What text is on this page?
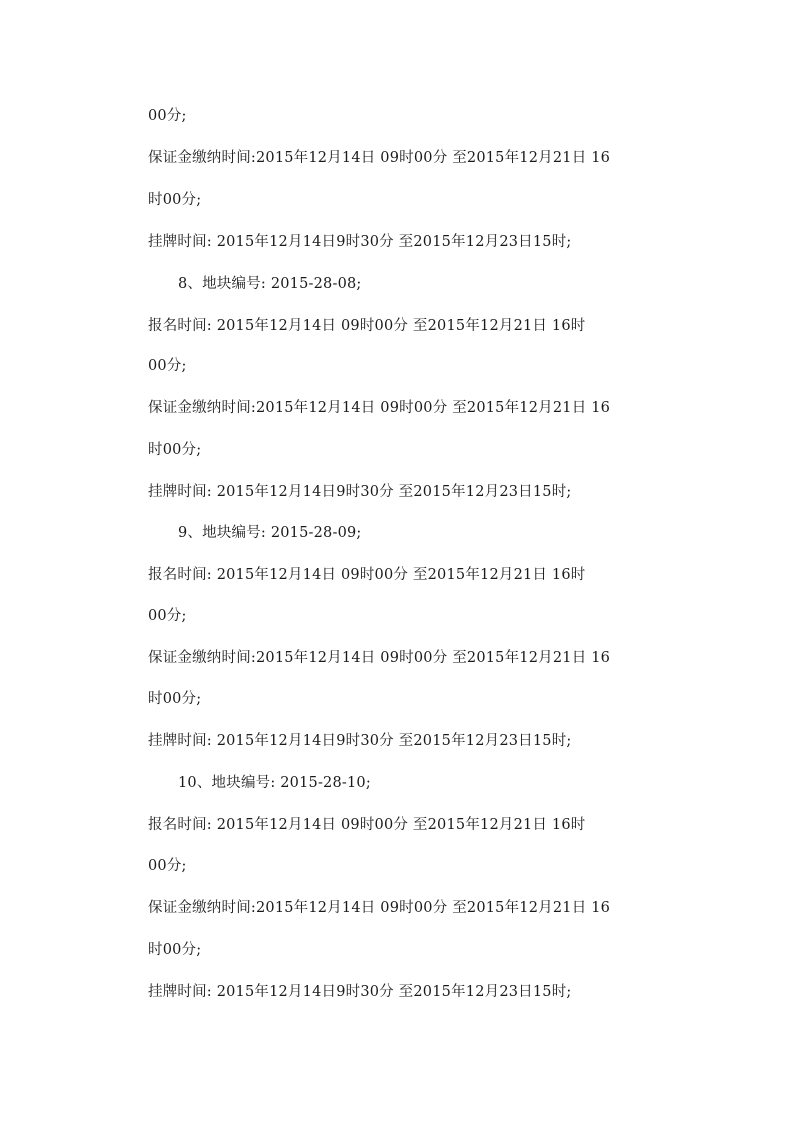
00分;
保证金缴纳时间:2015年12月14日 09时00分 至2015年12月21日 16
时00分;
挂牌时间: 2015年12月14日9时30分 至2015年12月23日15时;
8、地块编号: 2015-28-08;
报名时间: 2015年12月14日 09时00分 至2015年12月21日 16时
00分;
保证金缴纳时间:2015年12月14日 09时00分 至2015年12月21日 16
时00分;
挂牌时间: 2015年12月14日9时30分 至2015年12月23日15时;
9、地块编号: 2015-28-09;
报名时间: 2015年12月14日 09时00分 至2015年12月21日 16时
00分;
保证金缴纳时间:2015年12月14日 09时00分 至2015年12月21日 16
时00分;
挂牌时间: 2015年12月14日9时30分 至2015年12月23日15时;
10、地块编号: 2015-28-10;
报名时间: 2015年12月14日 09时00分 至2015年12月21日 16时
00分;
保证金缴纳时间:2015年12月14日 09时00分 至2015年12月21日 16
时00分;
挂牌时间: 2015年12月14日9时30分 至2015年12月23日15时;
